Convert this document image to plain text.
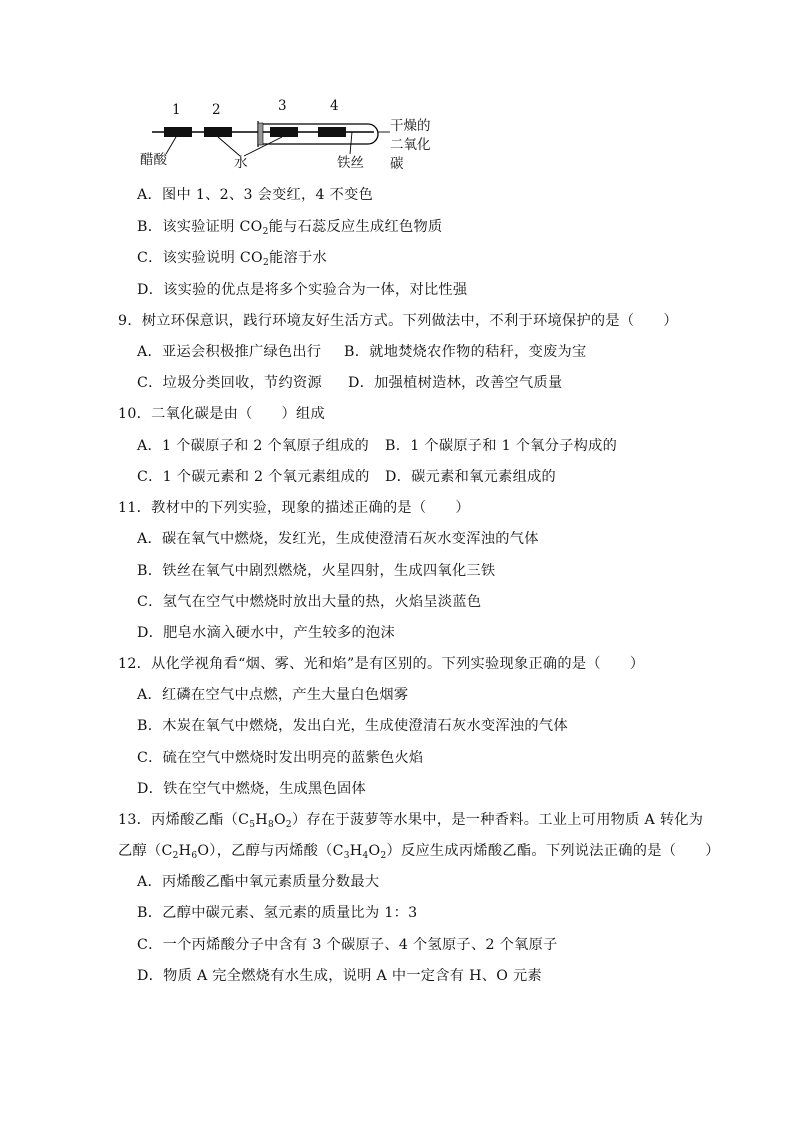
1 2	3	4
醋酸	水	铁丝
干燥的
二氧化
碳
A．图中 1、2、3 会变红，4 不变色
B．该实验证明 $CO_2$能与石蕊反应生成红色物质
C．该实验说明 $CO_2$能溶于水
D．该实验的优点是将多个实验合为一体，对比性强
9．树立环保意识，践行环境友好生活方式。下列做法中，不利于环境保护的是（　　）
A．亚运会积极推广绿色出行 B．就地焚烧农作物的秸秆，变废为宝
C．垃圾分类回收，节约资源 D．加强植树造林，改善空气质量
10．二氧化碳是由（　　）组成
A．1 个碳原子和 2 个氧原子组成的 B．1 个碳原子和 1 个氧分子构成的
C．1 个碳元素和 2 个氧元素组成的 D．碳元素和氧元素组成的
11．教材中的下列实验，现象的描述正确的是（　　）
A．碳在氧气中燃烧，发红光，生成使澄清石灰水变浑浊的气体
B．铁丝在氧气中剧烈燃烧，火星四射，生成四氧化三铁
C．氢气在空气中燃烧时放出大量的热，火焰呈淡蓝色
D．肥皂水滴入硬水中，产生较多的泡沫
12．从化学视角看“烟、雾、光和焰”是有区别的。下列实验现象正确的是（　　）
A．红磷在空气中点燃，产生大量白色烟雾
B．木炭在氧气中燃烧，发出白光，生成使澄清石灰水变浑浊的气体
C．硫在空气中燃烧时发出明亮的蓝紫色火焰
D．铁在空气中燃烧，生成黑色固体
13．丙烯酸乙酯$(C_5H_8O_2)$存在于菠萝等水果中，是一种香料。工业上可用物质 A 转化为
乙醇$(C_2H_6O)$，乙醇与丙烯酸$(C_3H_4O_2)$反应生成丙烯酸乙酯。下列说法正确的是（　　）
A．丙烯酸乙酯中氧元素质量分数最大
B．乙醇中碳元素、氢元素的质量比为 1：3
C．一个丙烯酸分子中含有 3 个碳原子、4 个氢原子、2 个氧原子
D．物质 A 完全燃烧有水生成，说明 A 中一定含有 H、O 元素
